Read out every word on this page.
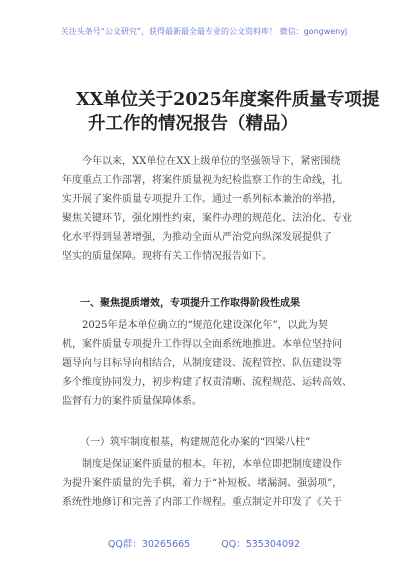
关注头条号“公文研究”，获得最新最全最专业的公文资料库！ 微信：gongwenyj
XX单位关于2025年度案件质量专项提
升工作的情况报告（精品）
今年以来，XX单位在XX上级单位的坚强领导下，紧密围绕
年度重点工作部署，将案件质量视为纪检监察工作的生命线，扎
实开展了案件质量专项提升工作。通过一系列标本兼治的举措，
聚焦关键环节，强化刚性约束，案件办理的规范化、法治化、专业
化水平得到显著增强，为推动全面从严治党向纵深发展提供了
坚实的质量保障。现将有关工作情况报告如下。
一、聚焦提质增效，专项提升工作取得阶段性成果
2025年是本单位确立的“规范化建设深化年”，以此为契
机，案件质量专项提升工作得以全面系统地推进。本单位坚持问
题导向与目标导向相结合，从制度建设、流程管控、队伍建设等
多个维度协同发力，初步构建了权责清晰、流程规范、运转高效、
监督有力的案件质量保障体系。
（一）筑牢制度根基，构建规范化办案的“四梁八柱”
制度是保证案件质量的根本。年初，本单位即把制度建设作
为提升案件质量的先手棋，着力于“补短板、堵漏洞、强弱项”，
系统性地修订和完善了内部工作规程。重点制定并印发了《关于
QQ群：30265665	QQ：535304092
